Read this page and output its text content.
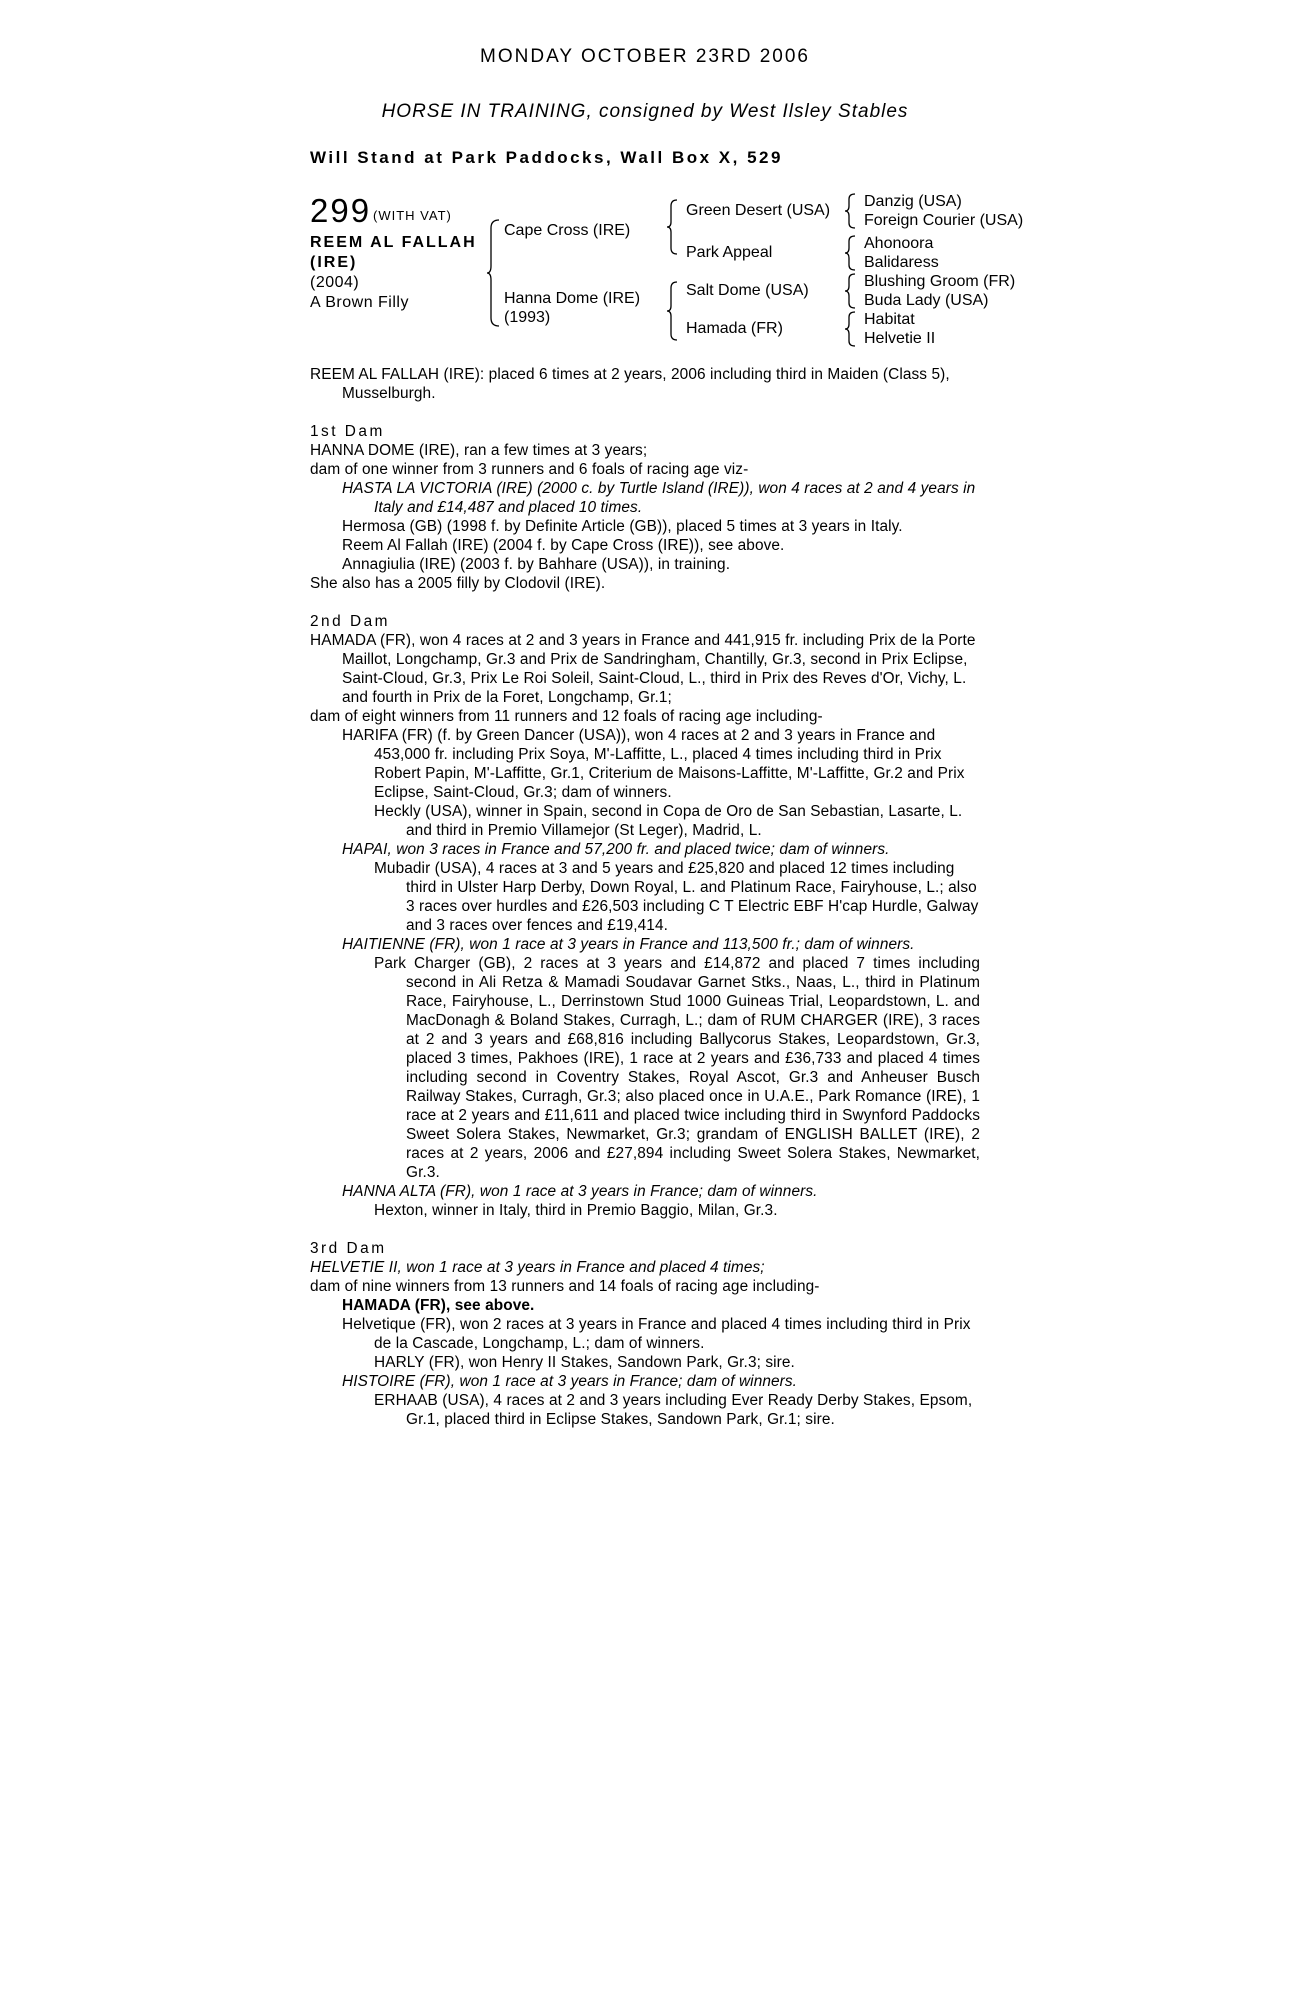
MONDAY OCTOBER 23RD 2006
HORSE IN TRAINING, consigned by West Ilsley Stables
Will Stand at Park Paddocks, Wall Box X, 529
299 (WITH VAT)
REEM AL FALLAH
(IRE)
(2004)
A Brown Filly
Cape Cross (IRE)
Hanna Dome (IRE)
(1993)
Green Desert (USA)
Park Appeal
Salt Dome (USA)
Hamada (FR)
Danzig (USA)
Foreign Courier (USA)
Ahonoora
Balidaress
Blushing Groom (FR)
Buda Lady (USA)
Habitat
Helvetie II

REEM AL FALLAH (IRE): placed 6 times at 2 years, 2006 including third in Maiden (Class 5), Musselburgh.

1st Dam

HANNA DOME (IRE), ran a few times at 3 years;

dam of one winner from 3 runners and 6 foals of racing age viz-

HASTA LA VICTORIA (IRE) (2000 c. by Turtle Island (IRE)), won 4 races at 2 and 4 years in Italy and £14,487 and placed 10 times.

Hermosa (GB) (1998 f. by Definite Article (GB)), placed 5 times at 3 years in Italy.

Reem Al Fallah (IRE) (2004 f. by Cape Cross (IRE)), see above.

Annagiulia (IRE) (2003 f. by Bahhare (USA)), in training.

She also has a 2005 filly by Clodovil (IRE).

2nd Dam

HAMADA (FR), won 4 races at 2 and 3 years in France and 441,915 fr. including Prix de la Porte Maillot, Longchamp, Gr.3 and Prix de Sandringham, Chantilly, Gr.3, second in Prix Eclipse, Saint-Cloud, Gr.3, Prix Le Roi Soleil, Saint-Cloud, L., third in Prix des Reves d'Or, Vichy, L. and fourth in Prix de la Foret, Longchamp, Gr.1;

dam of eight winners from 11 runners and 12 foals of racing age including-

HARIFA (FR) (f. by Green Dancer (USA)), won 4 races at 2 and 3 years in France and 453,000 fr. including Prix Soya, M'-Laffitte, L., placed 4 times including third in Prix Robert Papin, M'-Laffitte, Gr.1, Criterium de Maisons-Laffitte, M'-Laffitte, Gr.2 and Prix Eclipse, Saint-Cloud, Gr.3; dam of winners.

Heckly (USA), winner in Spain, second in Copa de Oro de San Sebastian, Lasarte, L. and third in Premio Villamejor (St Leger), Madrid, L.

HAPAI, won 3 races in France and 57,200 fr. and placed twice; dam of winners.

Mubadir (USA), 4 races at 3 and 5 years and £25,820 and placed 12 times including third in Ulster Harp Derby, Down Royal, L. and Platinum Race, Fairyhouse, L.; also 3 races over hurdles and £26,503 including C T Electric EBF H'cap Hurdle, Galway and 3 races over fences and £19,414.

HAITIENNE (FR), won 1 race at 3 years in France and 113,500 fr.; dam of winners.

Park Charger (GB), 2 races at 3 years and £14,872 and placed 7 times including second in Ali Retza & Mamadi Soudavar Garnet Stks., Naas, L., third in Platinum Race, Fairyhouse, L., Derrinstown Stud 1000 Guineas Trial, Leopardstown, L. and MacDonagh & Boland Stakes, Curragh, L.; dam of RUM CHARGER (IRE), 3 races at 2 and 3 years and £68,816 including Ballycorus Stakes, Leopardstown, Gr.3, placed 3 times, Pakhoes (IRE), 1 race at 2 years and £36,733 and placed 4 times including second in Coventry Stakes, Royal Ascot, Gr.3 and Anheuser Busch Railway Stakes, Curragh, Gr.3; also placed once in U.A.E., Park Romance (IRE), 1 race at 2 years and £11,611 and placed twice including third in Swynford Paddocks Sweet Solera Stakes, Newmarket, Gr.3; grandam of ENGLISH BALLET (IRE), 2 races at 2 years, 2006 and £27,894 including Sweet Solera Stakes, Newmarket, Gr.3.

HANNA ALTA (FR), won 1 race at 3 years in France; dam of winners.

Hexton, winner in Italy, third in Premio Baggio, Milan, Gr.3.

3rd Dam

HELVETIE II, won 1 race at 3 years in France and placed 4 times;

dam of nine winners from 13 runners and 14 foals of racing age including-

HAMADA (FR), see above.

Helvetique (FR), won 2 races at 3 years in France and placed 4 times including third in Prix de la Cascade, Longchamp, L.; dam of winners.

HARLY (FR), won Henry II Stakes, Sandown Park, Gr.3; sire.

HISTOIRE (FR), won 1 race at 3 years in France; dam of winners.

ERHAAB (USA), 4 races at 2 and 3 years including Ever Ready Derby Stakes, Epsom, Gr.1, placed third in Eclipse Stakes, Sandown Park, Gr.1; sire.
